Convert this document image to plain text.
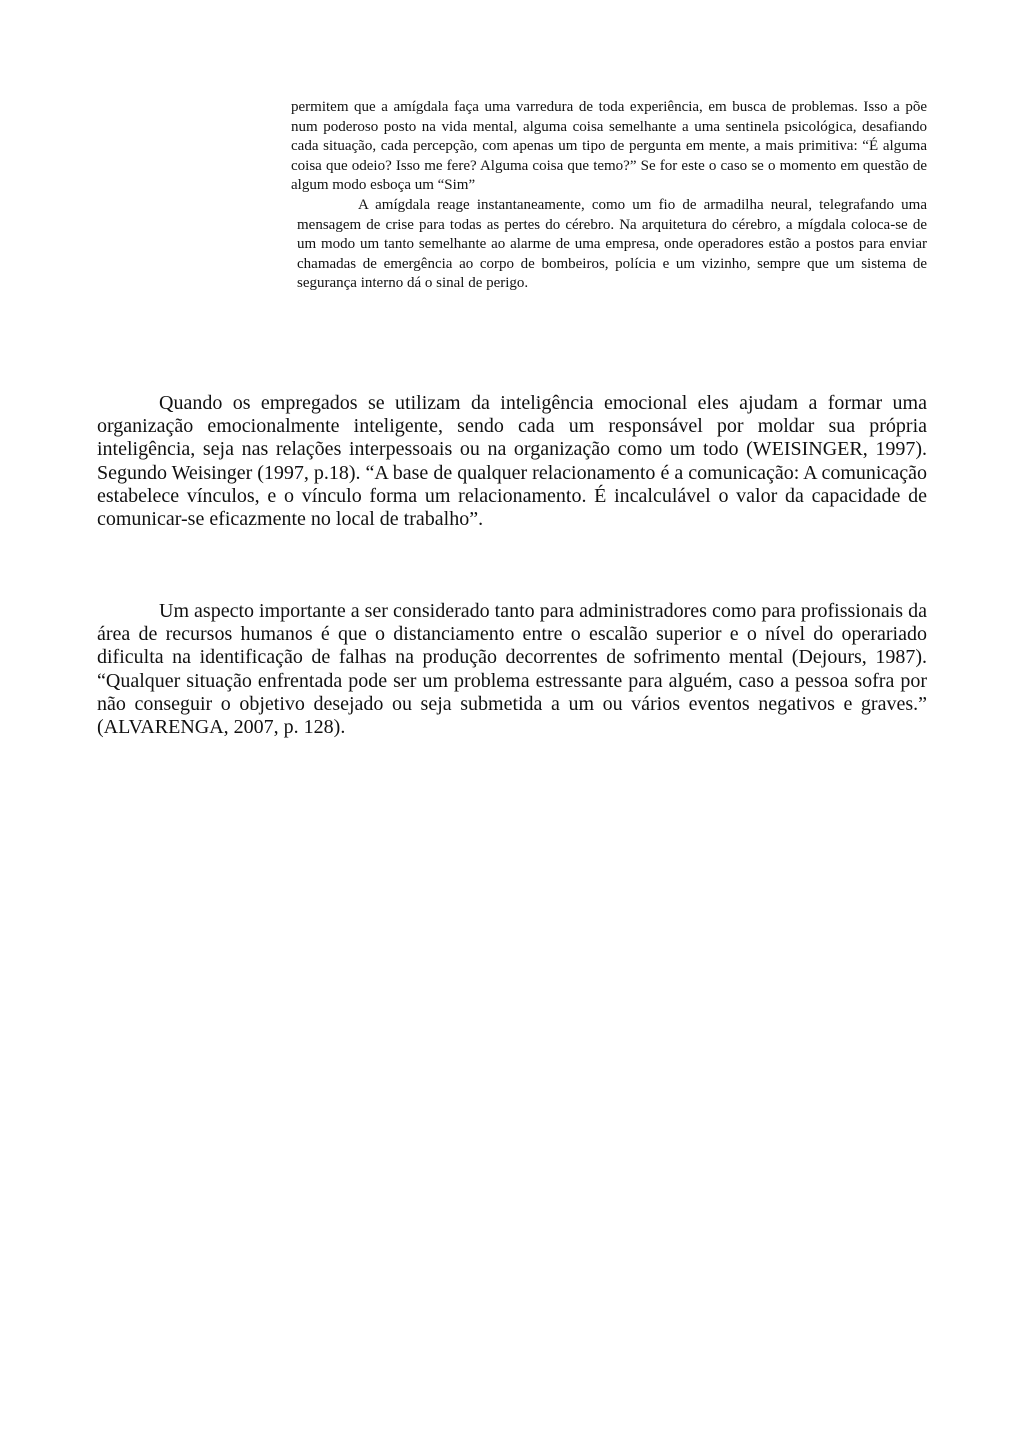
permitem que a amígdala faça uma varredura de toda experiência, em busca de problemas. Isso a põe num poderoso posto na vida mental, alguma coisa semelhante a uma sentinela psicológica, desafiando cada situação, cada percepção, com apenas um tipo de pergunta em mente, a mais primitiva: “É alguma coisa que odeio? Isso me fere? Alguma coisa que temo?” Se for este o caso se o momento em questão de algum modo esboça um “Sim”

A amígdala reage instantaneamente, como um fio de armadilha neural, telegrafando uma mensagem de crise para todas as pertes do cérebro. Na arquitetura do cérebro, a mígdala coloca-se de um modo um tanto semelhante ao alarme de uma empresa, onde operadores estão a postos para enviar chamadas de emergência ao corpo de bombeiros, polícia e um vizinho, sempre que um sistema de segurança interno dá o sinal de perigo.

Quando os empregados se utilizam da inteligência emocional eles ajudam a formar uma organização emocionalmente inteligente, sendo cada um responsável por moldar sua própria inteligência, seja nas relações interpessoais ou na organização como um todo (WEISINGER, 1997). Segundo Weisinger (1997, p.18). “A base de qualquer relacionamento é a comunicação: A comunicação estabelece vínculos, e o vínculo forma um relacionamento. É incalculável o valor da capacidade de comunicar-se eficazmente no local de trabalho”.

Um aspecto importante a ser considerado tanto para administradores como para profissionais da área de recursos humanos é que o distanciamento entre o escalão superior e o nível do operariado dificulta na identificação de falhas na produção decorrentes de sofrimento mental (Dejours, 1987). “Qualquer situação enfrentada pode ser um problema estressante para alguém, caso a pessoa sofra por não conseguir o objetivo desejado ou seja submetida a um ou vários eventos negativos e graves.” (ALVARENGA, 2007, p. 128).
